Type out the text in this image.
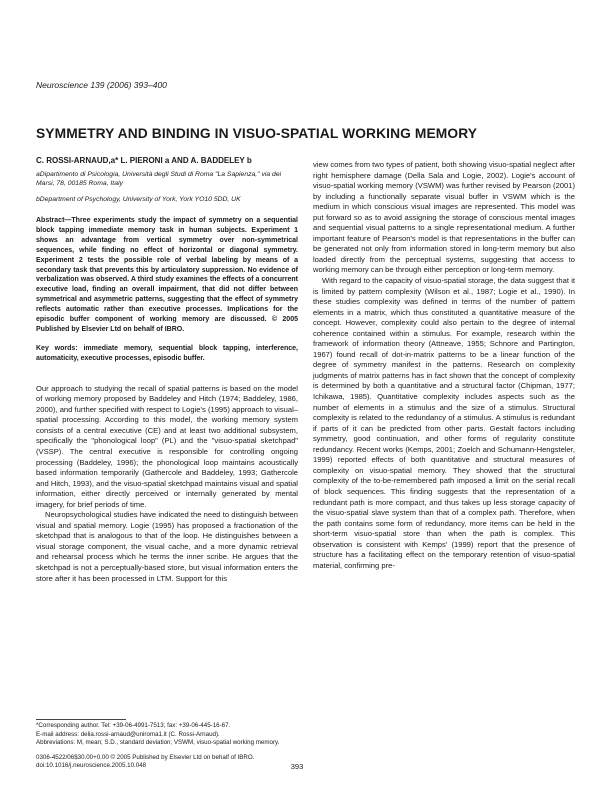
Neuroscience 139 (2006) 393–400
SYMMETRY AND BINDING IN VISUO-SPATIAL WORKING MEMORY

C. ROSSI-ARNAUD,a* L. PIERONI a AND A. BADDELEY b

aDipartimento di Psicologia, Università degli Studi di Roma "La Sapienza," via dei Marsi, 78, 00185 Roma, Italy

bDepartment of Psychology, University of York, York YO10 5DD, UK

Abstract—Three experiments study the impact of symmetry on a sequential block tapping immediate memory task in human subjects. Experiment 1 shows an advantage from vertical symmetry over non-symmetrical sequences, while finding no effect of horizontal or diagonal symmetry. Experiment 2 tests the possible role of verbal labeling by means of a secondary task that prevents this by articulatory suppression. No evidence of verbalization was observed. A third study examines the effects of a concurrent executive load, finding an overall impairment, that did not differ between symmetrical and asymmetric patterns, suggesting that the effect of symmetry reflects automatic rather than executive processes. Implications for the episodic buffer component of working memory are discussed. © 2005 Published by Elsevier Ltd on behalf of IBRO.

Key words: immediate memory, sequential block tapping, interference, automaticity, executive processes, episodic buffer.

Our approach to studying the recall of spatial patterns is based on the model of working memory proposed by Baddeley and Hitch (1974; Baddeley, 1986, 2000), and further specified with respect to Logie's (1995) approach to visual–spatial processing. According to this model, the working memory system consists of a central executive (CE) and at least two additional subsystem, specifically the "phonological loop" (PL) and the "visuo-spatial sketchpad" (VSSP). The central executive is responsible for controlling ongoing processing (Baddeley, 1996); the phonological loop maintains acoustically based information temporarily (Gathercole and Baddeley, 1993; Gathercole and Hitch, 1993), and the visuo-spatial sketchpad maintains visual and spatial information, either directly perceived or internally generated by mental imagery, for brief periods of time.

Neuropsychological studies have indicated the need to distinguish between visual and spatial memory. Logie (1995) has proposed a fractionation of the sketchpad that is analogous to that of the loop. He distinguishes between a visual storage component, the visual cache, and a more dynamic retrieval and rehearsal process which he terms the inner scribe. He argues that the sketchpad is not a perceptually-based store, but visual information enters the store after it has been processed in LTM. Support for this

view comes from two types of patient, both showing visuo-spatial neglect after right hemisphere damage (Della Sala and Logie, 2002). Logie's account of visuo-spatial working memory (VSWM) was further revised by Pearson (2001) by including a functionally separate visual buffer in VSWM which is the medium in which conscious visual images are represented. This model was put forward so as to avoid assigning the storage of conscious mental images and sequential visual patterns to a single representational medium. A further important feature of Pearson's model is that representations in the buffer can be generated not only from information stored in long-term memory but also loaded directly from the perceptual systems, suggesting that access to working memory can be through either perception or long-term memory.

With regard to the capacity of visuo-spatial storage, the data suggest that it is limited by pattern complexity (Wilson et al., 1987; Logie et al., 1990). In these studies complexity was defined in terms of the number of pattern elements in a matrix, which thus constituted a quantitative measure of the concept. However, complexity could also pertain to the degree of internal coherence contained within a stimulus. For example, research within the framework of information theory (Attneave, 1955; Schnore and Partington, 1967) found recall of dot-in-matrix patterns to be a linear function of the degree of symmetry manifest in the patterns. Research on complexity judgments of matrix patterns has in fact shown that the concept of complexity is determined by both a quantitative and a structural factor (Chipman, 1977; Ichikawa, 1985). Quantitative complexity includes aspects such as the number of elements in a stimulus and the size of a stimulus. Structural complexity is related to the redundancy of a stimulus. A stimulus is redundant if parts of it can be predicted from other parts. Gestalt factors including symmetry, good continuation, and other forms of regularity constitute redundancy. Recent works (Kemps, 2001; Zoelch and Schumann-Hengsteler, 1999) reported effects of both quantitative and structural measures of complexity on visuo-spatial memory. They showed that the structural complexity of the to-be-remembered path imposed a limit on the serial recall of block sequences. This finding suggests that the representation of a redundant path is more compact, and thus takes up less storage capacity of the visuo-spatial slave system than that of a complex path. Therefore, when the path contains some form of redundancy, more items can be held in the short-term visuo-spatial store than when the path is complex. This observation is consistent with Kemps' (1999) report that the presence of structure has a facilitating effect on the temporary retention of visuo-spatial material, confirming pre-

*Corresponding author. Tel: +39-06-4991-7513; fax: +39-06-445-16-67.

E-mail address: delia.rossi-arnaud@uniroma1.it (C. Rossi-Arnaud).

Abbreviations: M, mean; S.D., standard deviation; VSWM, visuo-spatial working memory.

0306-4522/06$30.00+0.00 © 2005 Published by Elsevier Ltd on behalf of IBRO.

doi:10.1016/j.neuroscience.2005.10.048	393
